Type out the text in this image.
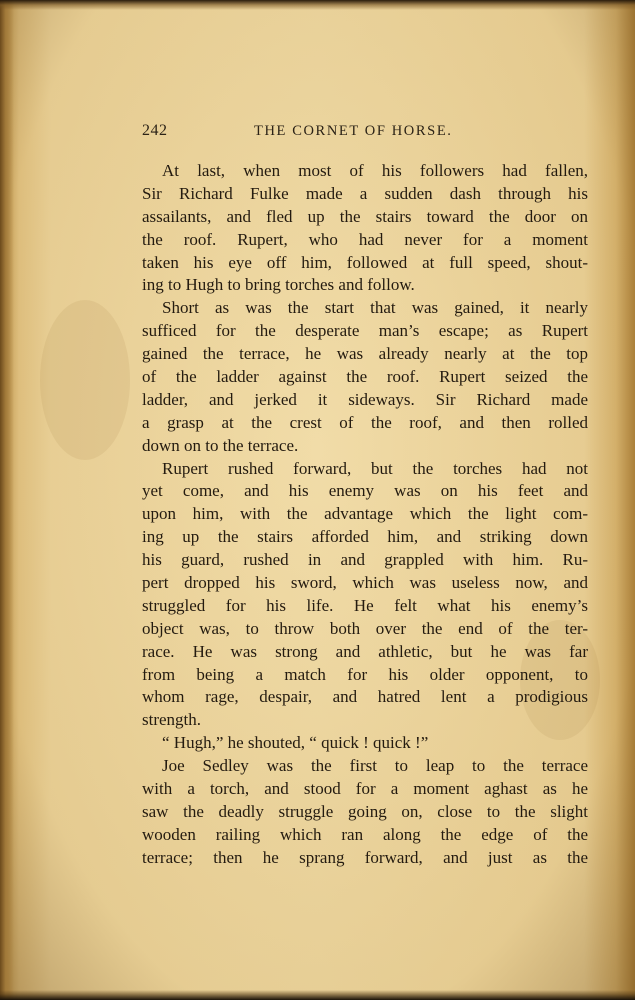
242	THE CORNET OF HORSE.
At last, when most of his followers had fallen,
Sir Richard Fulke made a sudden dash through his
assailants, and fled up the stairs toward the door on
the roof. Rupert, who had never for a moment
taken his eye off him, followed at full speed, shout-
ing to Hugh to bring torches and follow.
Short as was the start that was gained, it nearly
sufficed for the desperate man’s escape; as Rupert
gained the terrace, he was already nearly at the top
of the ladder against the roof. Rupert seized the
ladder, and jerked it sideways. Sir Richard made
a grasp at the crest of the roof, and then rolled
down on to the terrace.
Rupert rushed forward, but the torches had not
yet come, and his enemy was on his feet and
upon him, with the advantage which the light com-
ing up the stairs afforded him, and striking down
his guard, rushed in and grappled with him. Ru-
pert dropped his sword, which was useless now, and
struggled for his life. He felt what his enemy’s
object was, to throw both over the end of the ter-
race. He was strong and athletic, but he was far
from being a match for his older opponent, to
whom rage, despair, and hatred lent a prodigious
strength.
“ Hugh,” he shouted, “ quick ! quick !”
Joe Sedley was the first to leap to the terrace
with a torch, and stood for a moment aghast as he
saw the deadly struggle going on, close to the slight
wooden railing which ran along the edge of the
terrace; then he sprang forward, and just as the
